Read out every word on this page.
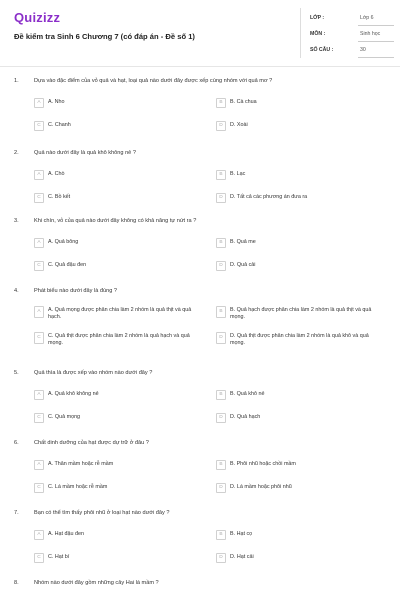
Quizizz
Đề kiểm tra Sinh 6 Chương 7 (có đáp án - Đề số 1)
LỚP :	Lớp 6
MÔN :	Sinh học
SỐ CÂU :	30
1.	Dựa vào đặc điểm của vỏ quả và hạt, loại quả nào dưới đây được xếp cùng nhóm với quả mơ ?
A	A. Nho	B	B. Cà chua
C	C. Chanh	D	D. Xoài
2.	Quả nào dưới đây là quả khô không nẻ ?
A	A. Chò	B	B. Lạc
C	C. Bồ kết	D	D. Tất cả các phương án đưa ra
3.	Khi chín, vỏ của quả nào dưới đây không có khả năng tự nứt ra ?
A	A. Quả bông	B	B. Quả me
C	C. Quả đậu đen	D	D. Quả cải
4.	Phát biểu nào dưới đây là đúng ?
A	A. Quả mọng được phân chia làm 2 nhóm là quả thịt và quả hạch.
B	B. Quả hạch được phân chia làm 2 nhóm là quả thịt và quả mọng.
C	C. Quả thịt được phân chia làm 2 nhóm là quả hạch và quả mọng.
D	D. Quả thịt được phân chia làm 2 nhóm là quả khô và quả mọng.
5.	Quả thìa là được xếp vào nhóm nào dưới đây ?
A	A. Quả khô không nẻ	B	B. Quả khô nẻ
C	C. Quả mọng	D	D. Quả hạch
6.	Chất dinh dưỡng của hạt được dự trữ ở đâu ?
A	A. Thân mầm hoặc rễ mầm	B	B. Phôi nhũ hoặc chồi mầm
C	C. Lá mầm hoặc rễ mầm	D	D. Lá mầm hoặc phôi nhũ
7.	Bạn có thể tìm thấy phôi nhũ ở loại hạt nào dưới đây ?
A	A. Hạt đậu đen	B	B. Hạt cọ
C	C. Hạt bí	D	D. Hạt cải
8.	Nhóm nào dưới đây gồm những cây Hai lá mầm ?
